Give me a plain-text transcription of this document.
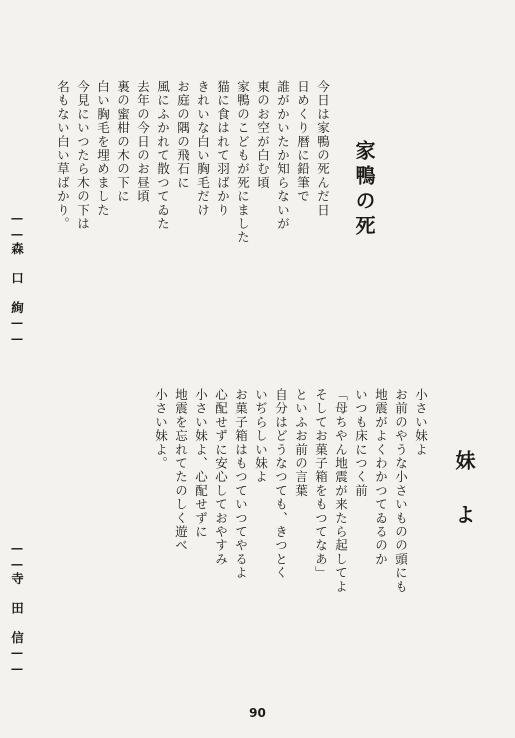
家鴨の死
今日は家鴨の死んだ日
日めくり暦に鉛筆で
誰がかいたか知らないが
東のお空が白む頃
家鴨のこどもが死にました
猫に食はれて羽ばかり
きれいな白い胸毛だけ
お庭の隅の飛石に
風にふかれて散つてゐた
去年の今日のお昼頃
裏の蜜柑の木の下に
白い胸毛を埋めました
今見にいつたら木の下は
名もない白い草ばかり。
——森 口 絢——
妹 よ
小さい妹よ
お前のやうな小さいものの頭にも
地震がよくわかつてゐるのか
いつも床につく前
「母ちやん地震が来たら起してよ
そしてお菓子箱をもつてなあ」
といふお前の言葉
自分はどうなつても、きつとく
いぢらしい妹よ
お菓子箱はもつていつてやるよ
心配せずに安心しておやすみ
小さい妹よ、心配せずに
地震を忘れてたのしく遊べ
小さい妹よ。
——寺 田 信——
90
